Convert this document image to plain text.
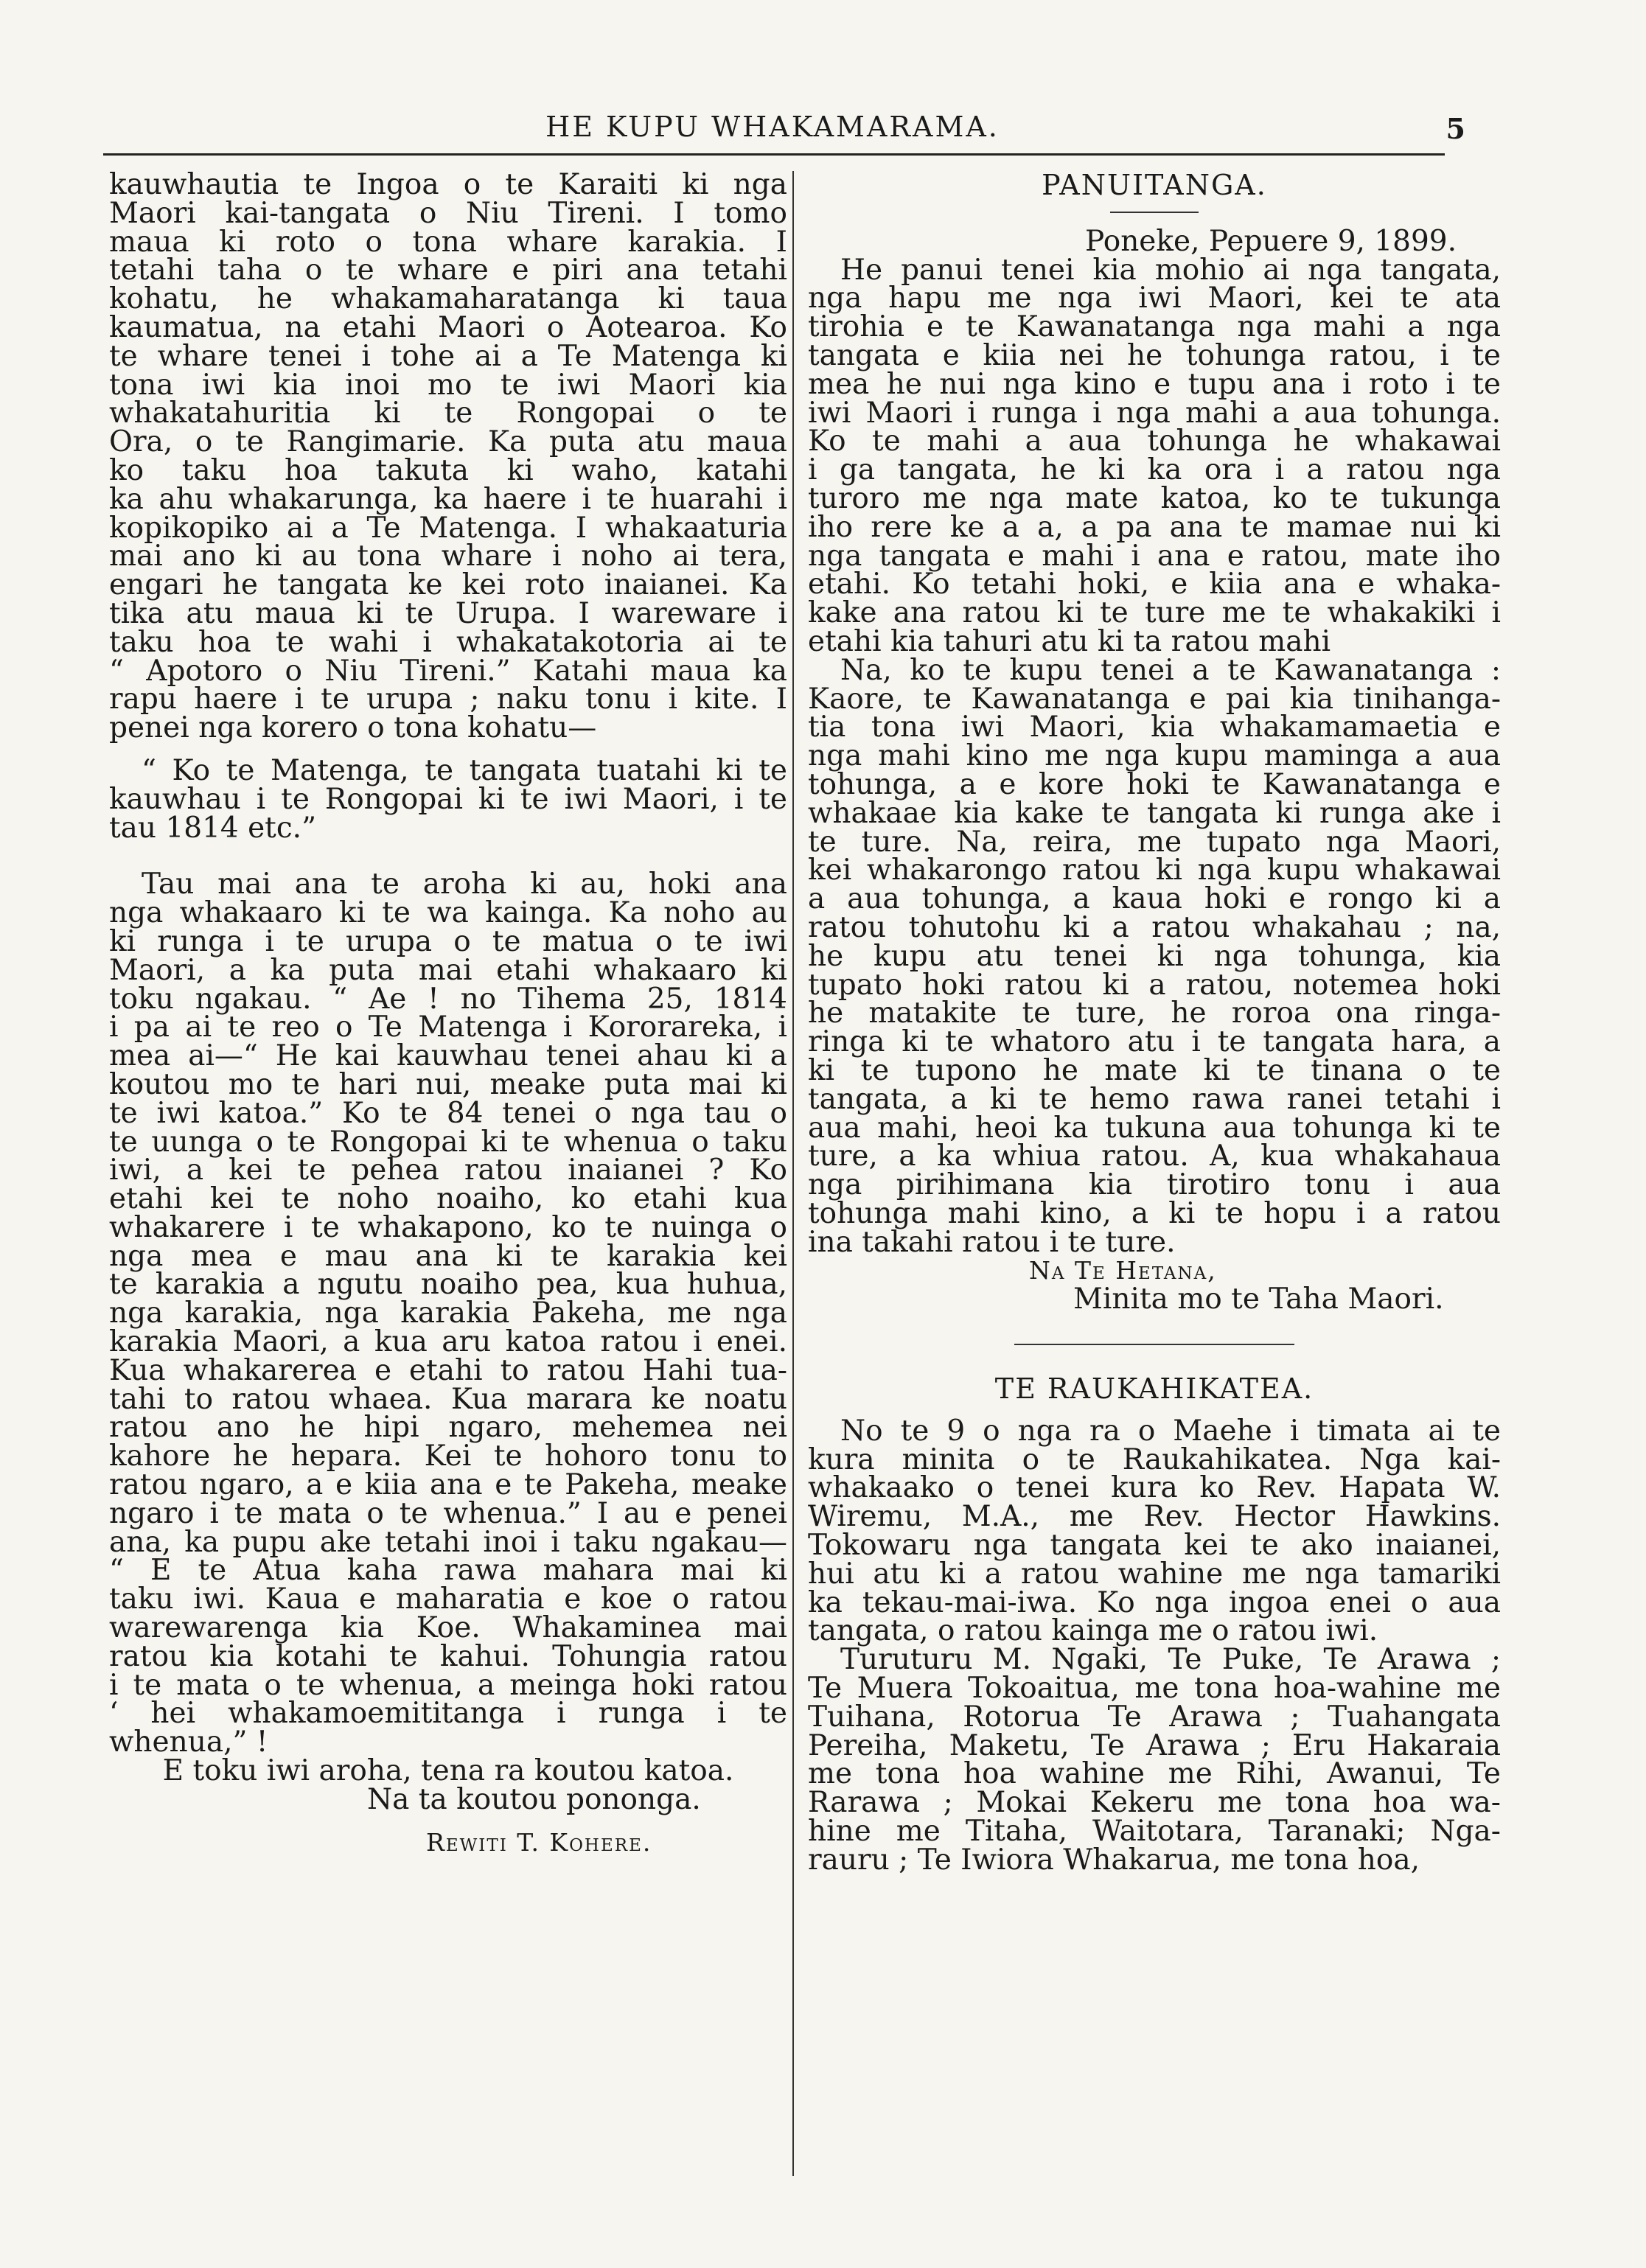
HE KUPU WHAKAMARAMA.	5

kauwhautia te Ingoa o te Karaiti ki nga

Maori kai-tangata o Niu Tireni. I tomo

maua ki roto o tona whare karakia. I

tetahi taha o te whare e piri ana tetahi

kohatu, he whakamaharatanga ki taua

kaumatua, na etahi Maori o Aotearoa. Ko

te whare tenei i tohe ai a Te Matenga ki

tona iwi kia inoi mo te iwi Maori kia

whakatahuritia ki te Rongopai o te

Ora, o te Rangimarie. Ka puta atu maua

ko taku hoa takuta ki waho, katahi

ka ahu whakarunga, ka haere i te huarahi i

kopikopiko ai a Te Matenga. I whakaaturia

mai ano ki au tona whare i noho ai tera,

engari he tangata ke kei roto inaianei. Ka

tika atu maua ki te Urupa. I wareware i

taku hoa te wahi i whakatakotoria ai te

“ Apotoro o Niu Tireni.” Katahi maua ka

rapu haere i te urupa ; naku tonu i kite. I

penei nga korero o tona kohatu—

“ Ko te Matenga, te tangata tuatahi ki te

kauwhau i te Rongopai ki te iwi Maori, i te

tau 1814 etc.”

Tau mai ana te aroha ki au, hoki ana

nga whakaaro ki te wa kainga. Ka noho au

ki runga i te urupa o te matua o te iwi

Maori, a ka puta mai etahi whakaaro ki

toku ngakau. “ Ae ! no Tihema 25, 1814

i pa ai te reo o Te Matenga i Kororareka, i

mea ai—“ He kai kauwhau tenei ahau ki a

koutou mo te hari nui, meake puta mai ki

te iwi katoa.” Ko te 84 tenei o nga tau o

te uunga o te Rongopai ki te whenua o taku

iwi, a kei te pehea ratou inaianei ? Ko

etahi kei te noho noaiho, ko etahi kua

whakarere i te whakapono, ko te nuinga o

nga mea e mau ana ki te karakia kei

te karakia a ngutu noaiho pea, kua huhua,

nga karakia, nga karakia Pakeha, me nga

karakia Maori, a kua aru katoa ratou i enei.

Kua whakarerea e etahi to ratou Hahi tua-

tahi to ratou whaea. Kua marara ke noatu

ratou ano he hipi ngaro, mehemea nei

kahore he hepara. Kei te hohoro tonu to

ratou ngaro, a e kiia ana e te Pakeha, meake

ngaro i te mata o te whenua.” I au e penei

ana, ka pupu ake tetahi inoi i taku ngakau—

“ E te Atua kaha rawa mahara mai ki

taku iwi. Kaua e maharatia e koe o ratou

warewarenga kia Koe. Whakaminea mai

ratou kia kotahi te kahui. Tohungia ratou

i te mata o te whenua, a meinga hoki ratou

‘ hei whakamoemititanga i runga i te

whenua,” !

E toku iwi aroha, tena ra koutou katoa.

Na ta koutou pononga.

Rewiti T. Kohere.

PANUITANGA.

Poneke, Pepuere 9, 1899.

He panui tenei kia mohio ai nga tangata,

nga hapu me nga iwi Maori, kei te ata

tirohia e te Kawanatanga nga mahi a nga

tangata e kiia nei he tohunga ratou, i te

mea he nui nga kino e tupu ana i roto i te

iwi Maori i runga i nga mahi a aua tohunga.

Ko te mahi a aua tohunga he whakawai

i ga tangata, he ki ka ora i a ratou nga

turoro me nga mate katoa, ko te tukunga

iho rere ke a a, a pa ana te mamae nui ki

nga tangata e mahi i ana e ratou, mate iho

etahi. Ko tetahi hoki, e kiia ana e whaka-

kake ana ratou ki te ture me te whakakiki i

etahi kia tahuri atu ki ta ratou mahi

Na, ko te kupu tenei a te Kawanatanga :

Kaore, te Kawanatanga e pai kia tinihanga-

tia tona iwi Maori, kia whakamamaetia e

nga mahi kino me nga kupu maminga a aua

tohunga, a e kore hoki te Kawanatanga e

whakaae kia kake te tangata ki runga ake i

te ture. Na, reira, me tupato nga Maori,

kei whakarongo ratou ki nga kupu whakawai

a aua tohunga, a kaua hoki e rongo ki a

ratou tohutohu ki a ratou whakahau ; na,

he kupu atu tenei ki nga tohunga, kia

tupato hoki ratou ki a ratou, notemea hoki

he matakite te ture, he roroa ona ringa-

ringa ki te whatoro atu i te tangata hara, a

ki te tupono he mate ki te tinana o te

tangata, a ki te hemo rawa ranei tetahi i

aua mahi, heoi ka tukuna aua tohunga ki te

ture, a ka whiua ratou. A, kua whakahaua

nga pirihimana kia tirotiro tonu i aua

tohunga mahi kino, a ki te hopu i a ratou

ina takahi ratou i te ture.

Na Te Hetana,

Minita mo te Taha Maori.

TE RAUKAHIKATEA.

No te 9 o nga ra o Maehe i timata ai te

kura minita o te Raukahikatea. Nga kai-

whakaako o tenei kura ko Rev. Hapata W.

Wiremu, M.A., me Rev. Hector Hawkins.

Tokowaru nga tangata kei te ako inaianei,

hui atu ki a ratou wahine me nga tamariki

ka tekau-mai-iwa. Ko nga ingoa enei o aua

tangata, o ratou kainga me o ratou iwi.

Turuturu M. Ngaki, Te Puke, Te Arawa ;

Te Muera Tokoaitua, me tona hoa-wahine me

Tuihana, Rotorua Te Arawa ; Tuahangata

Pereiha, Maketu, Te Arawa ; Eru Hakaraia

me tona hoa wahine me Rihi, Awanui, Te

Rarawa ; Mokai Kekeru me tona hoa wa-

hine me Titaha, Waitotara, Taranaki; Nga-

rauru ; Te Iwiora Whakarua, me tona hoa,
